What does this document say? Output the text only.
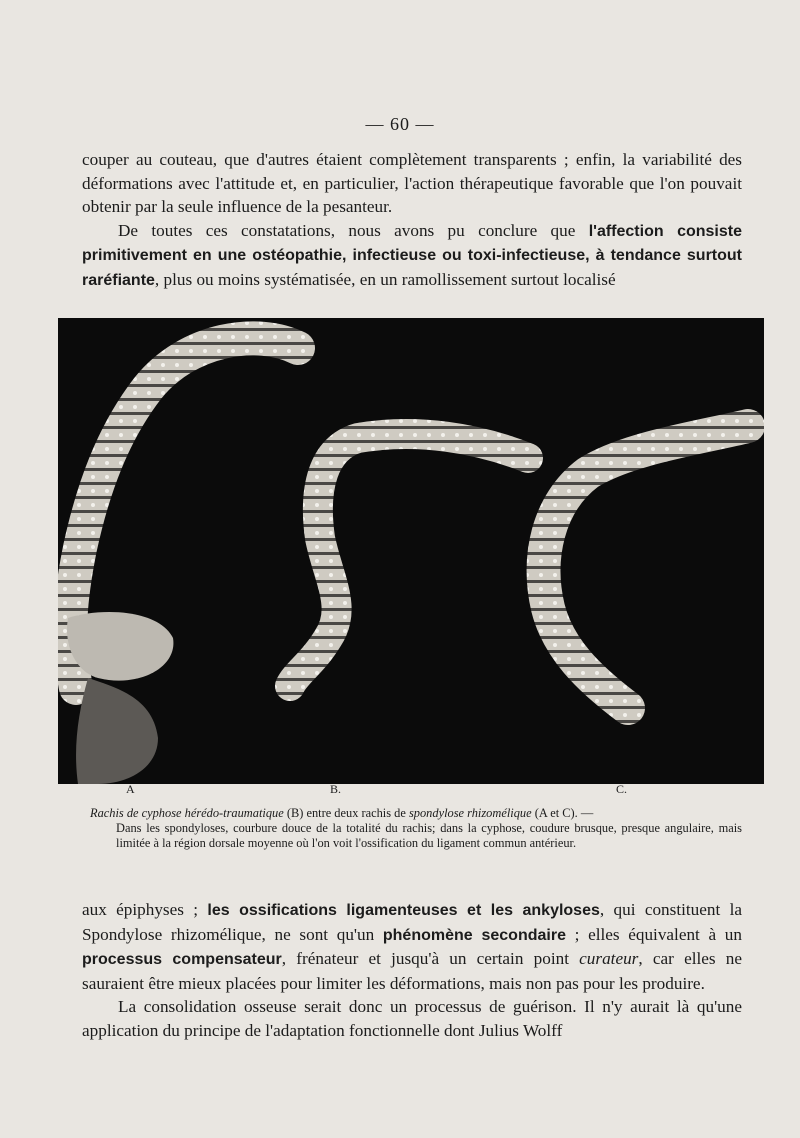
— 60 —

couper au couteau, que d'autres étaient complètement transparents ; enfin, la variabilité des déformations avec l'attitude et, en particulier, l'action thérapeutique favorable que l'on pouvait obtenir par la seule influence de la pesanteur.

De toutes ces constatations, nous avons pu conclure que l'affection consiste primitivement en une ostéopathie, infectieuse ou toxi-infectieuse, à tendance surtout raréfiante, plus ou moins systématisée, en un ramollissement surtout localisé

A	B.	C.
Rachis de cyphose hérédo-traumatique (B) entre deux rachis de spondylose rhizomélique (A et C). —
Dans les spondyloses, courbure douce de la totalité du rachis; dans la cyphose, coudure brusque, presque angulaire, mais limitée à la région dorsale moyenne où l'on voit l'ossification du ligament commun antérieur.

aux épiphyses ; les ossifications ligamenteuses et les ankyloses, qui constituent la Spondylose rhizomélique, ne sont qu'un phénomène secondaire ; elles équivalent à un processus compensateur, frénateur et jusqu'à un certain point curateur, car elles ne sauraient être mieux placées pour limiter les déformations, mais non pas pour les produire.

La consolidation osseuse serait donc un processus de guérison. Il n'y aurait là qu'une application du principe de l'adaptation fonctionnelle dont Julius Wolff
